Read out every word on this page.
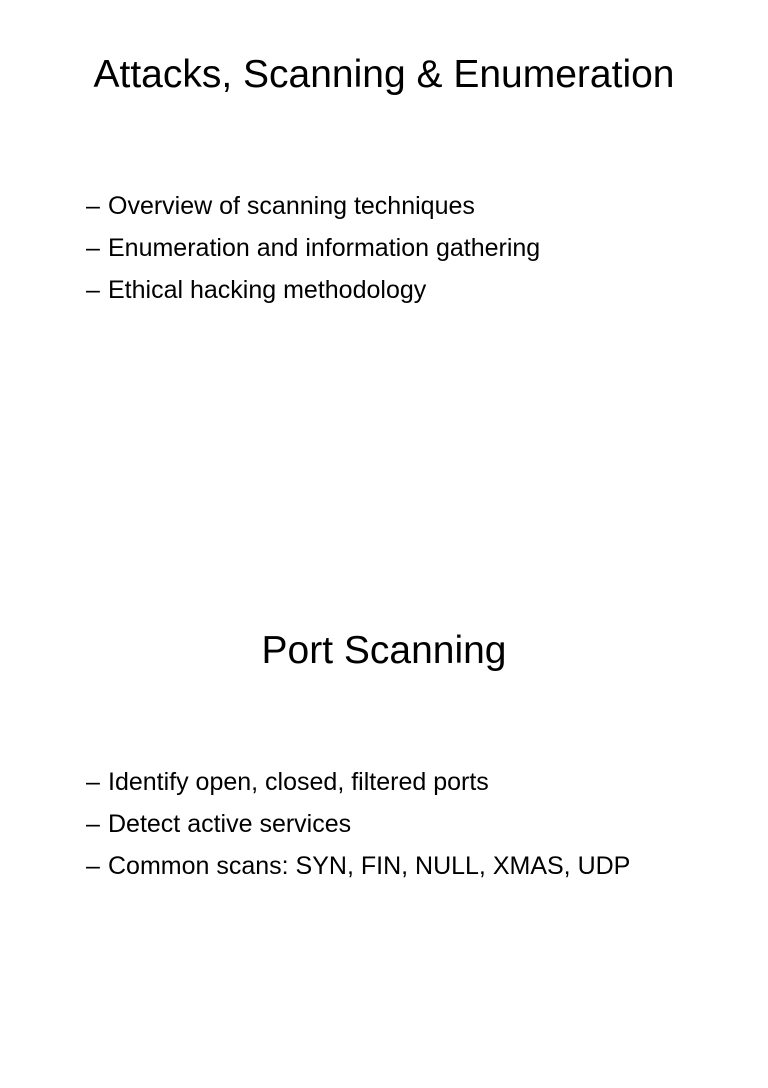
Attacks, Scanning & Enumeration
– Overview of scanning techniques
– Enumeration and information gathering
– Ethical hacking methodology
Port Scanning
– Identify open, closed, filtered ports
– Detect active services
– Common scans: SYN, FIN, NULL, XMAS, UDP
